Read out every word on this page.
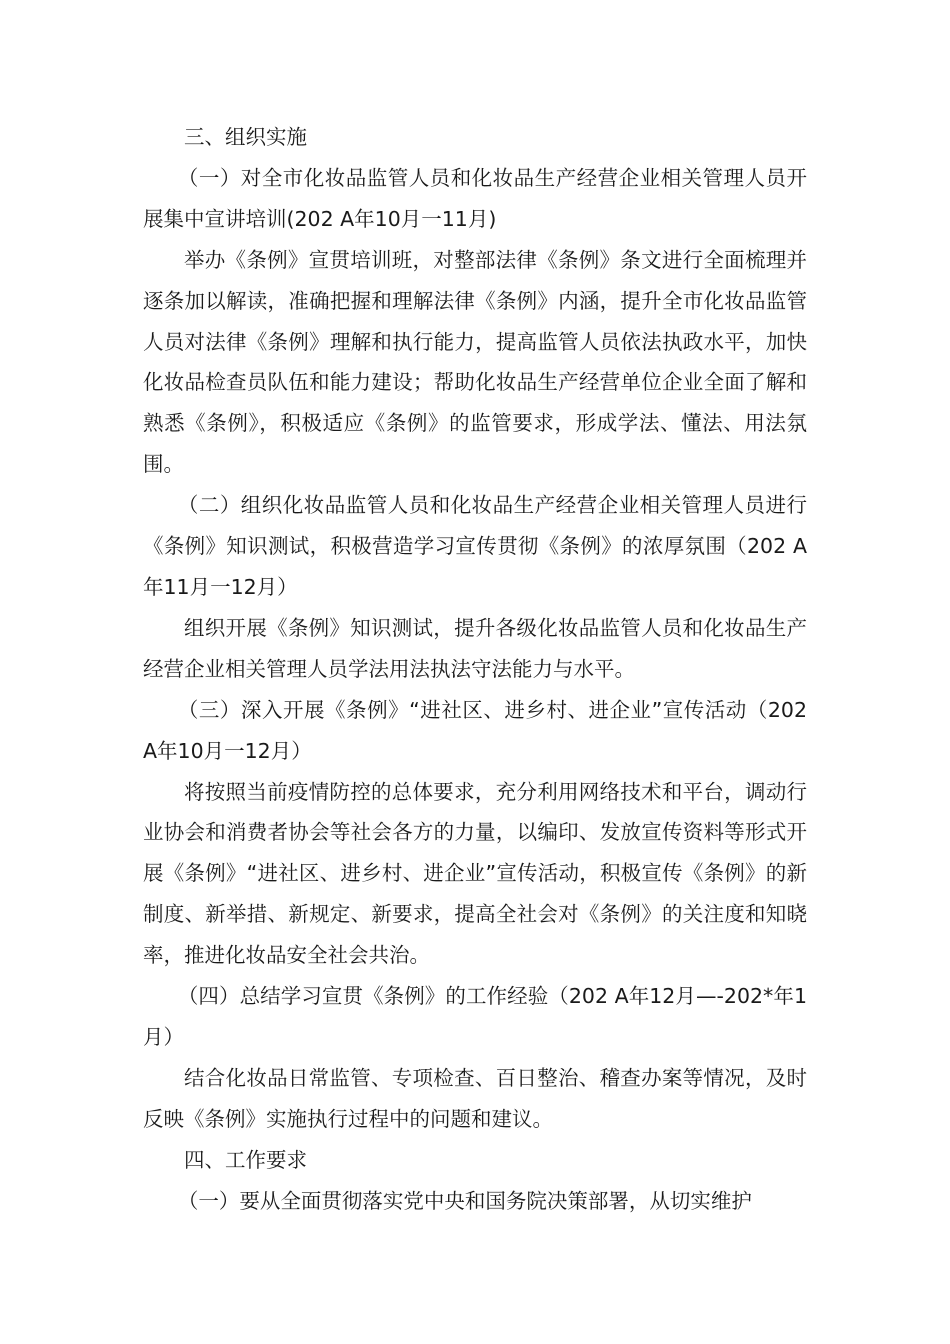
三、组织实施

（一）对全市化妆品监管人员和化妆品生产经营企业相关管理人员开展集中宣讲培训(202 A年10月一11月)

举办《条例》宣贯培训班，对整部法律《条例》条文进行全面梳理并逐条加以解读，准确把握和理解法律《条例》内涵，提升全市化妆品监管人员对法律《条例》理解和执行能力，提高监管人员依法执政水平，加快化妆品检查员队伍和能力建设；帮助化妆品生产经营单位企业全面了解和熟悉《条例》，积极适应《条例》的监管要求，形成学法、懂法、用法氛围。

（二）组织化妆品监管人员和化妆品生产经营企业相关管理人员进行《条例》知识测试，积极营造学习宣传贯彻《条例》的浓厚氛围（202 A年11月一12月）

组织开展《条例》知识测试，提升各级化妆品监管人员和化妆品生产经营企业相关管理人员学法用法执法守法能力与水平。

（三）深入开展《条例》“进社区、进乡村、进企业”宣传活动（202 A年10月一12月）

将按照当前疫情防控的总体要求，充分利用网络技术和平台，调动行业协会和消费者协会等社会各方的力量，以编印、发放宣传资料等形式开展《条例》“进社区、进乡村、进企业”宣传活动，积极宣传《条例》的新制度、新举措、新规定、新要求，提高全社会对《条例》的关注度和知晓率，推进化妆品安全社会共治。

（四）总结学习宣贯《条例》的工作经验（202 A年12月—-202*年1月）

结合化妆品日常监管、专项检查、百日整治、稽查办案等情况，及时反映《条例》实施执行过程中的问题和建议。

四、工作要求

（一）要从全面贯彻落实党中央和国务院决策部署，从切实维护
